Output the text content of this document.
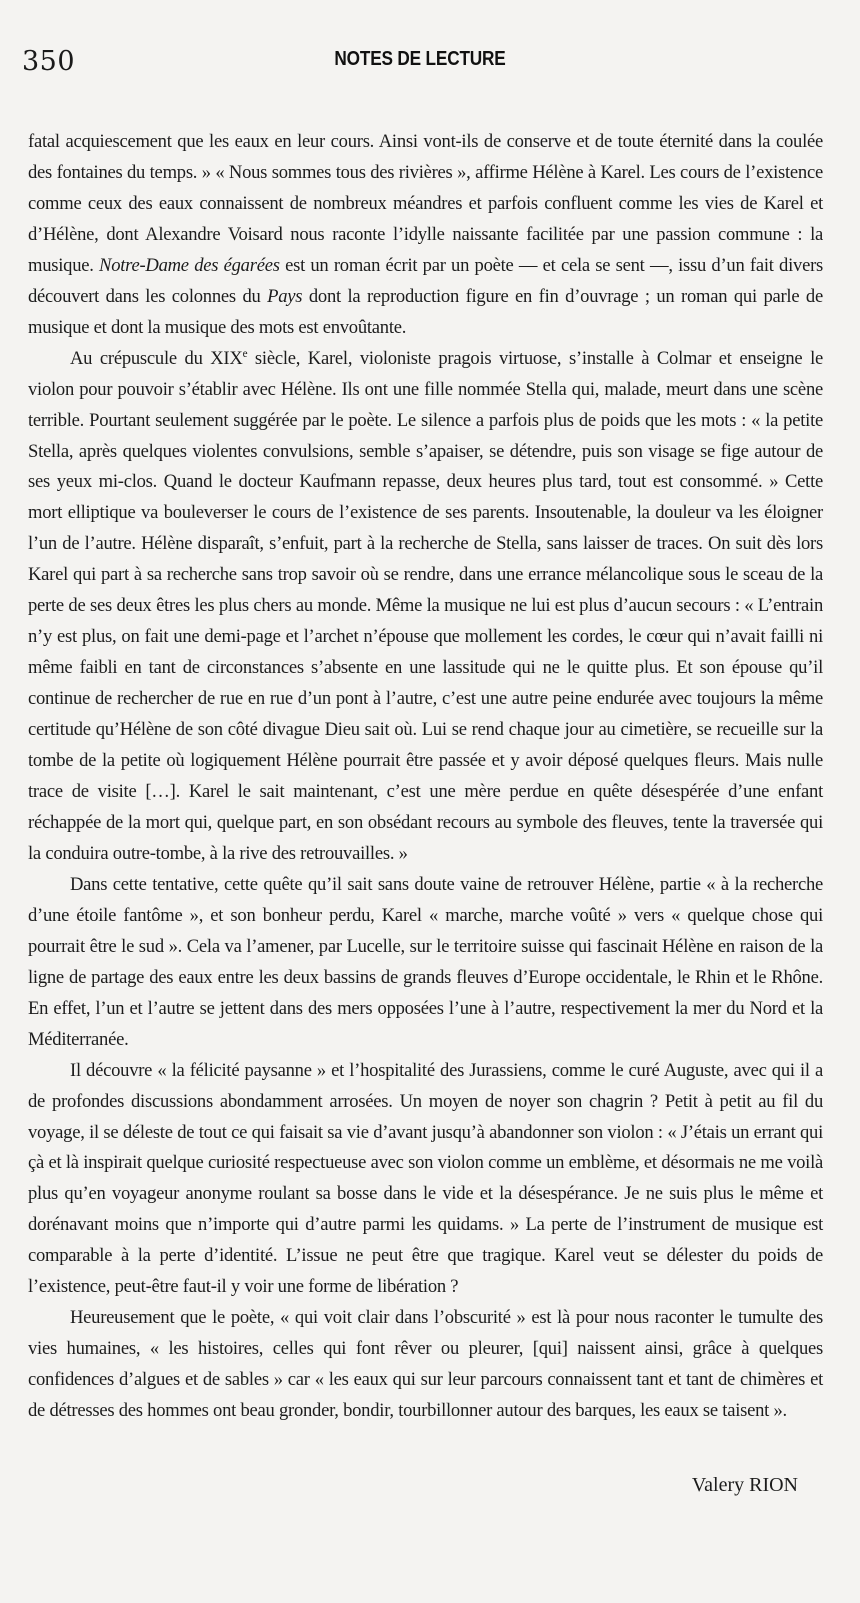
350	NOTES DE LECTURE

fatal acquiescement que les eaux en leur cours. Ainsi vont-ils de conserve et de toute éternité dans la coulée des fontaines du temps. » « Nous sommes tous des rivières », affirme Hélène à Karel. Les cours de l’existence comme ceux des eaux connaissent de nombreux méandres et parfois confluent comme les vies de Karel et d’Hélène, dont Alexandre Voisard nous raconte l’idylle naissante facilitée par une passion commune : la musique. Notre-Dame des égarées est un roman écrit par un poète — et cela se sent —, issu d’un fait divers découvert dans les colonnes du Pays dont la reproduction figure en fin d’ouvrage ; un roman qui parle de musique et dont la musique des mots est envoûtante.

Au crépuscule du XIXe siècle, Karel, violoniste pragois virtuose, s’installe à Colmar et enseigne le violon pour pouvoir s’établir avec Hélène. Ils ont une fille nommée Stella qui, malade, meurt dans une scène terrible. Pourtant seulement suggérée par le poète. Le silence a parfois plus de poids que les mots : « la petite Stella, après quelques violentes convulsions, semble s’apaiser, se détendre, puis son visage se fige autour de ses yeux mi-clos. Quand le docteur Kaufmann repasse, deux heures plus tard, tout est consommé. » Cette mort elliptique va bouleverser le cours de l’existence de ses parents. Insoutenable, la douleur va les éloigner l’un de l’autre. Hélène disparaît, s’enfuit, part à la recherche de Stella, sans laisser de traces. On suit dès lors Karel qui part à sa recherche sans trop savoir où se rendre, dans une errance mélancolique sous le sceau de la perte de ses deux êtres les plus chers au monde. Même la musique ne lui est plus d’aucun secours : « L’entrain n’y est plus, on fait une demi-page et l’archet n’épouse que mollement les cordes, le cœur qui n’avait failli ni même faibli en tant de circonstances s’absente en une lassitude qui ne le quitte plus. Et son épouse qu’il continue de rechercher de rue en rue d’un pont à l’autre, c’est une autre peine endurée avec toujours la même certitude qu’Hélène de son côté divague Dieu sait où. Lui se rend chaque jour au cimetière, se recueille sur la tombe de la petite où logiquement Hélène pourrait être passée et y avoir déposé quelques fleurs. Mais nulle trace de visite […]. Karel le sait maintenant, c’est une mère perdue en quête désespérée d’une enfant réchappée de la mort qui, quelque part, en son obsédant recours au symbole des fleuves, tente la traversée qui la conduira outre-tombe, à la rive des retrouvailles. »

Dans cette tentative, cette quête qu’il sait sans doute vaine de retrouver Hélène, partie « à la recherche d’une étoile fantôme », et son bonheur perdu, Karel « marche, marche voûté » vers « quelque chose qui pourrait être le sud ». Cela va l’amener, par Lucelle, sur le territoire suisse qui fascinait Hélène en raison de la ligne de partage des eaux entre les deux bassins de grands fleuves d’Europe occidentale, le Rhin et le Rhône. En effet, l’un et l’autre se jettent dans des mers opposées l’une à l’autre, respectivement la mer du Nord et la Méditerranée.

Il découvre « la félicité paysanne » et l’hospitalité des Jurassiens, comme le curé Auguste, avec qui il a de profondes discussions abondamment arrosées. Un moyen de noyer son chagrin ? Petit à petit au fil du voyage, il se déleste de tout ce qui faisait sa vie d’avant jusqu’à abandonner son violon : « J’étais un errant qui çà et là inspirait quelque curiosité respectueuse avec son violon comme un emblème, et désormais ne me voilà plus qu’en voyageur anonyme roulant sa bosse dans le vide et la désespérance. Je ne suis plus le même et dorénavant moins que n’importe qui d’autre parmi les quidams. » La perte de l’instrument de musique est comparable à la perte d’identité. L’issue ne peut être que tragique. Karel veut se délester du poids de l’existence, peut-être faut-il y voir une forme de libération ?

Heureusement que le poète, « qui voit clair dans l’obscurité » est là pour nous raconter le tumulte des vies humaines, « les histoires, celles qui font rêver ou pleurer, [qui] naissent ainsi, grâce à quelques confidences d’algues et de sables » car « les eaux qui sur leur parcours connaissent tant et tant de chimères et de détresses des hommes ont beau gronder, bondir, tourbillonner autour des barques, les eaux se taisent ».

Valery RION
